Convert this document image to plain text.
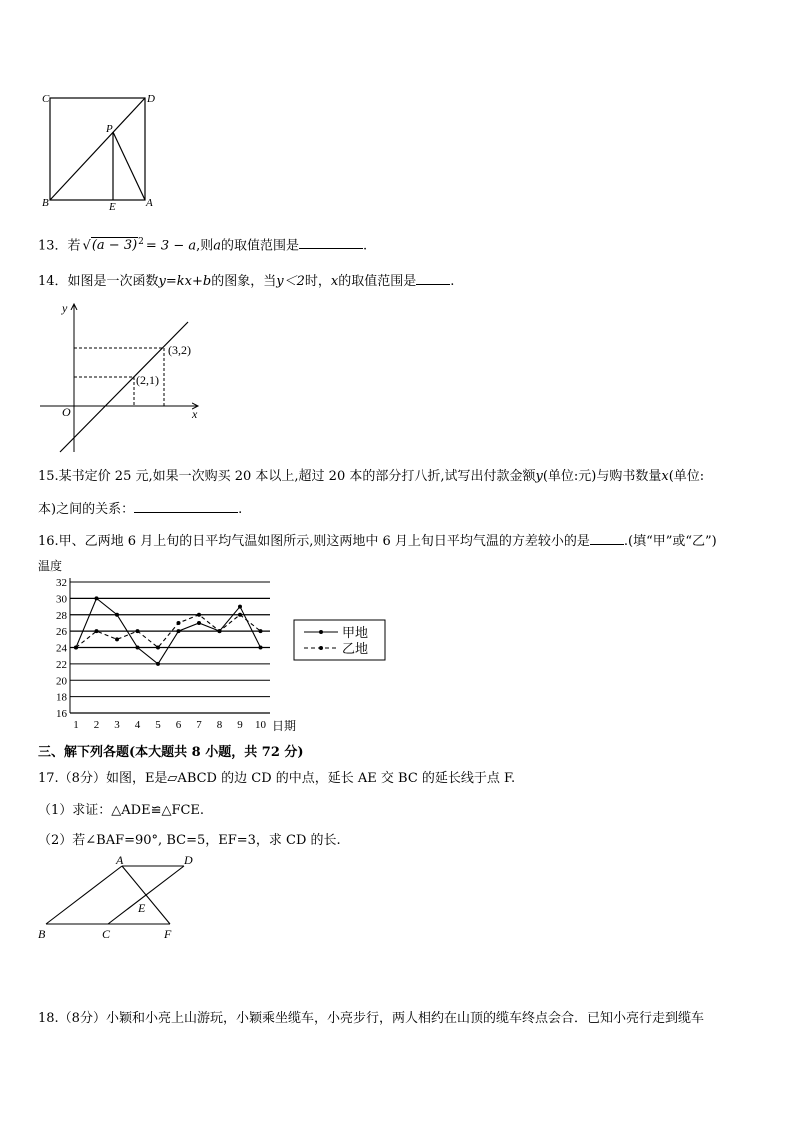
C	D
P
B	E	A
13．若 $√(a - 3)^2 = 3 - a$,则a的取值范围是	.
14．如图是一次函数y=kx+b的图象，当y＜2时，x的取值范围是	.
y
x
O
(3,2)
(2,1)
15.某书定价 25 元,如果一次购买 20 本以上,超过 20 本的部分打八折,试写出付款金额y(单位:元)与购书数量x(单位:
本)之间的关系：	.
16.甲、乙两地 6 月上旬的日平均气温如图所示,则这两地中 6 月上旬日平均气温的方差较小的是	.(填“甲”或“乙”)
16
18
20
22
24
26
28
30
32
1 2 3 4 5 6 7 8 9 10
温度
日期
甲地
乙地
三、解下列各题(本大题共 8 小题，共 72 分)
17.（8分）如图，E是▱ABCD 的边 CD 的中点，延长 AE 交 BC 的延长线于点 F.
（1）求证：△ADE≌△FCE.
（2）若∠BAF=90°, BC=5，EF=3，求 CD 的长.
A	D
E
B	C	F
18.（8分）小颖和小亮上山游玩，小颖乘坐缆车，小亮步行，两人相约在山顶的缆车终点会合．已知小亮行走到缆车
